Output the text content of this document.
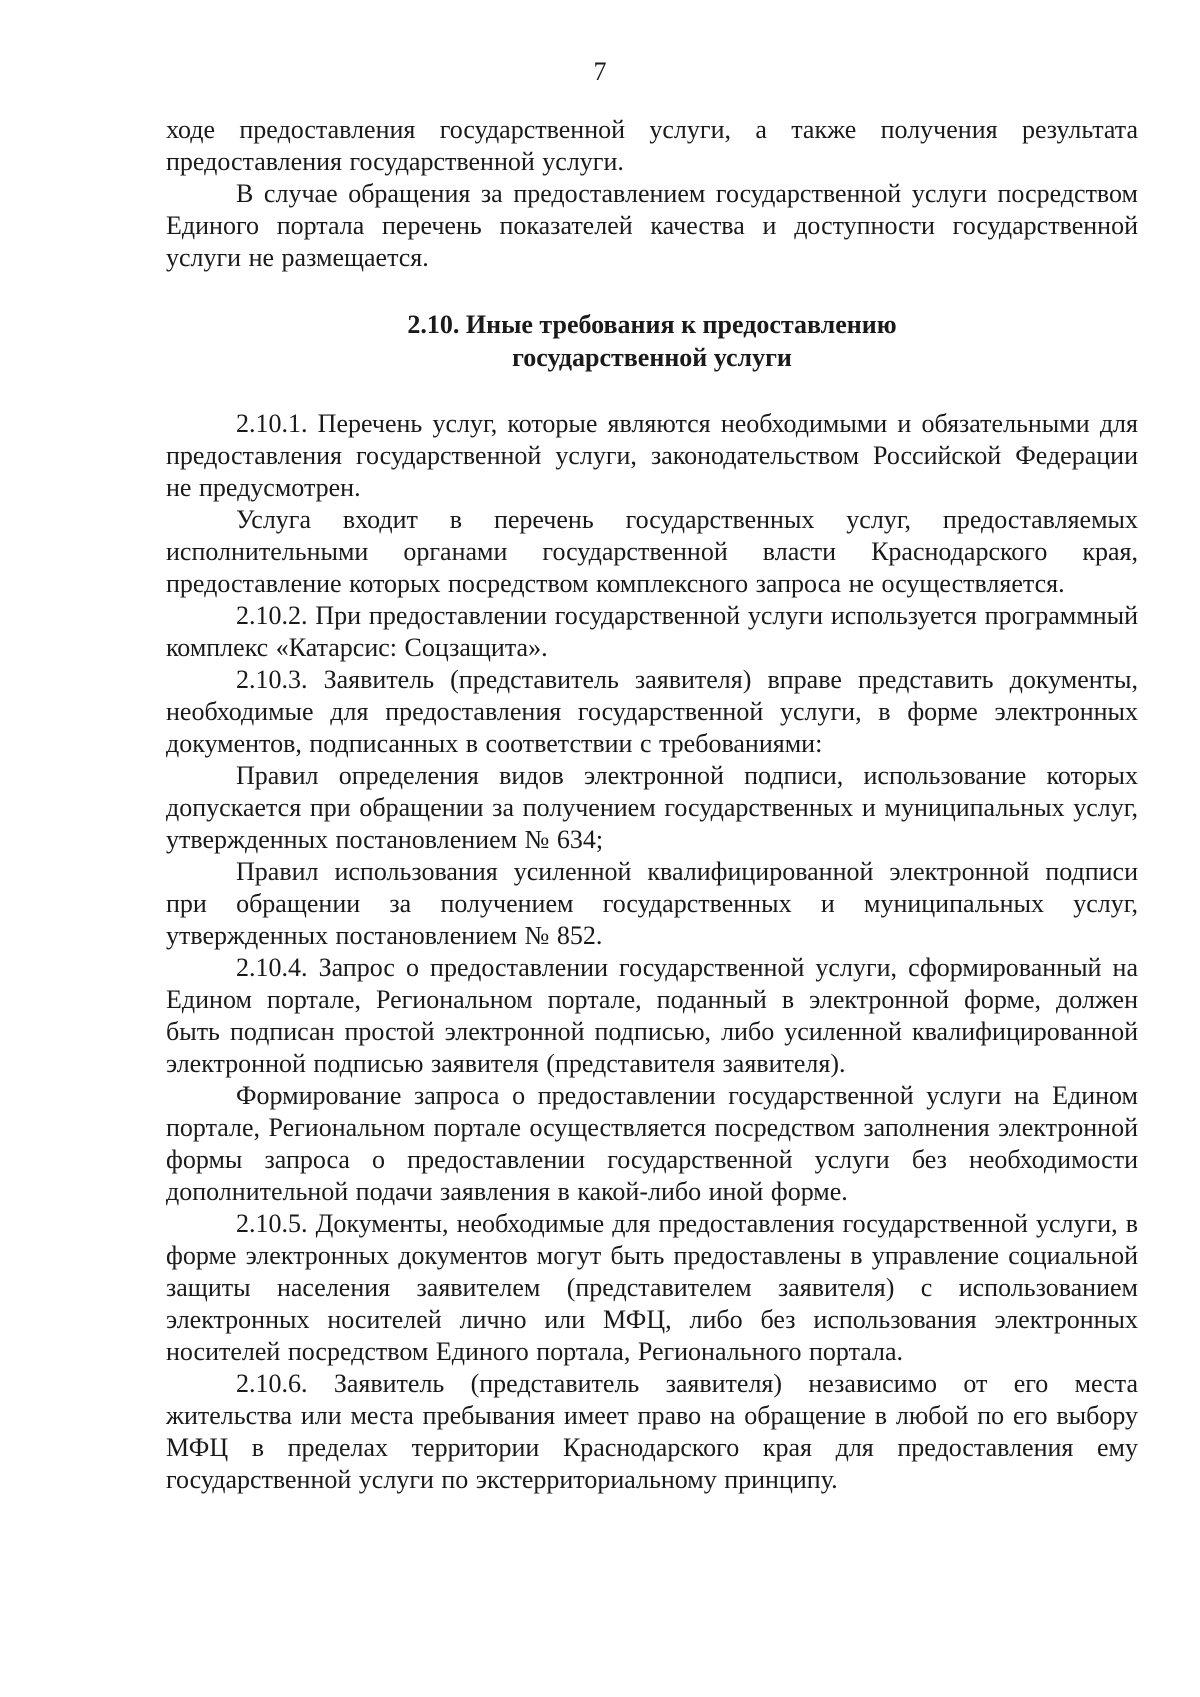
7

ходе предоставления государственной услуги, а также получения результата предоставления государственной услуги.

В случае обращения за предоставлением государственной услуги посредством Единого портала перечень показателей качества и доступности государственной услуги не размещается.

2.10. Иные требования к предоставлению
государственной услуги

2.10.1. Перечень услуг, которые являются необходимыми и обязательными для предоставления государственной услуги, законодательством Российской Федерации не предусмотрен.

Услуга входит в перечень государственных услуг, предоставляемых исполнительными органами государственной власти Краснодарского края, предоставление которых посредством комплексного запроса не осуществляется.

2.10.2. При предоставлении государственной услуги используется программный комплекс «Катарсис: Соцзащита».

2.10.3. Заявитель (представитель заявителя) вправе представить документы, необходимые для предоставления государственной услуги, в форме электронных документов, подписанных в соответствии с требованиями:

Правил определения видов электронной подписи, использование которых допускается при обращении за получением государственных и муниципальных услуг, утвержденных постановлением № 634;

Правил использования усиленной квалифицированной электронной подписи при обращении за получением государственных и муниципальных услуг, утвержденных постановлением № 852.

2.10.4. Запрос о предоставлении государственной услуги, сформированный на Едином портале, Региональном портале, поданный в электронной форме, должен быть подписан простой электронной подписью, либо усиленной квалифицированной электронной подписью заявителя (представителя заявителя).

Формирование запроса о предоставлении государственной услуги на Едином портале, Региональном портале осуществляется посредством заполнения электронной формы запроса о предоставлении государственной услуги без необходимости дополнительной подачи заявления в какой-либо иной форме.

2.10.5. Документы, необходимые для предоставления государственной услуги, в форме электронных документов могут быть предоставлены в управление социальной защиты населения заявителем (представителем заявителя) с использованием электронных носителей лично или МФЦ, либо без использования электронных носителей посредством Единого портала, Регионального портала.

2.10.6. Заявитель (представитель заявителя) независимо от его места жительства или места пребывания имеет право на обращение в любой по его выбору МФЦ в пределах территории Краснодарского края для предоставления ему государственной услуги по экстерриториальному принципу.
